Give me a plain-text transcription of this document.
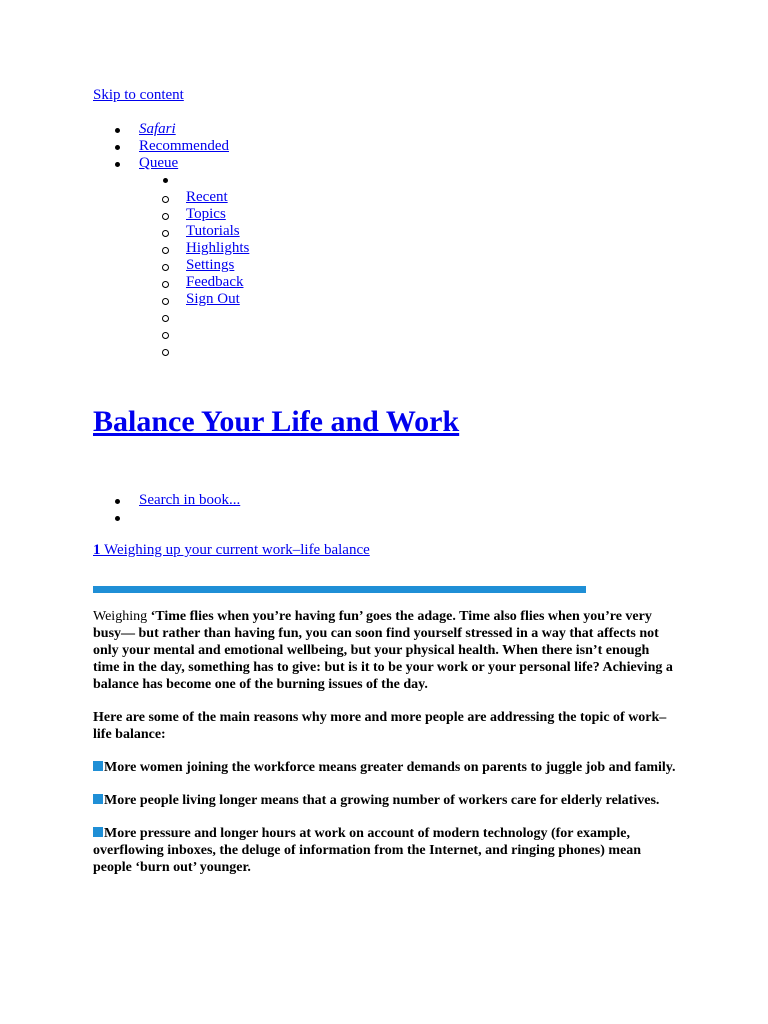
Skip to content
Safari
Recommended
Queue
Recent
Topics
Tutorials
Highlights
Settings
Feedback
Sign Out
Balance Your Life and Work
Search in book...
1 Weighing up your current work–life balance

Weighing ‘Time flies when you’re having fun’ goes the adage. Time also flies when you’re very busy— but rather than having fun, you can soon find yourself stressed in a way that affects not only your mental and emotional wellbeing, but your physical health. When there isn’t enough time in the day, something has to give: but is it to be your work or your personal life? Achieving a balance has become one of the burning issues of the day.

Here are some of the main reasons why more and more people are addressing the topic of work– life balance:

More women joining the workforce means greater demands on parents to juggle job and family.

More people living longer means that a growing number of workers care for elderly relatives.

More pressure and longer hours at work on account of modern technology (for example, overflowing inboxes, the deluge of information from the Internet, and ringing phones) mean people ‘burn out’ younger.
